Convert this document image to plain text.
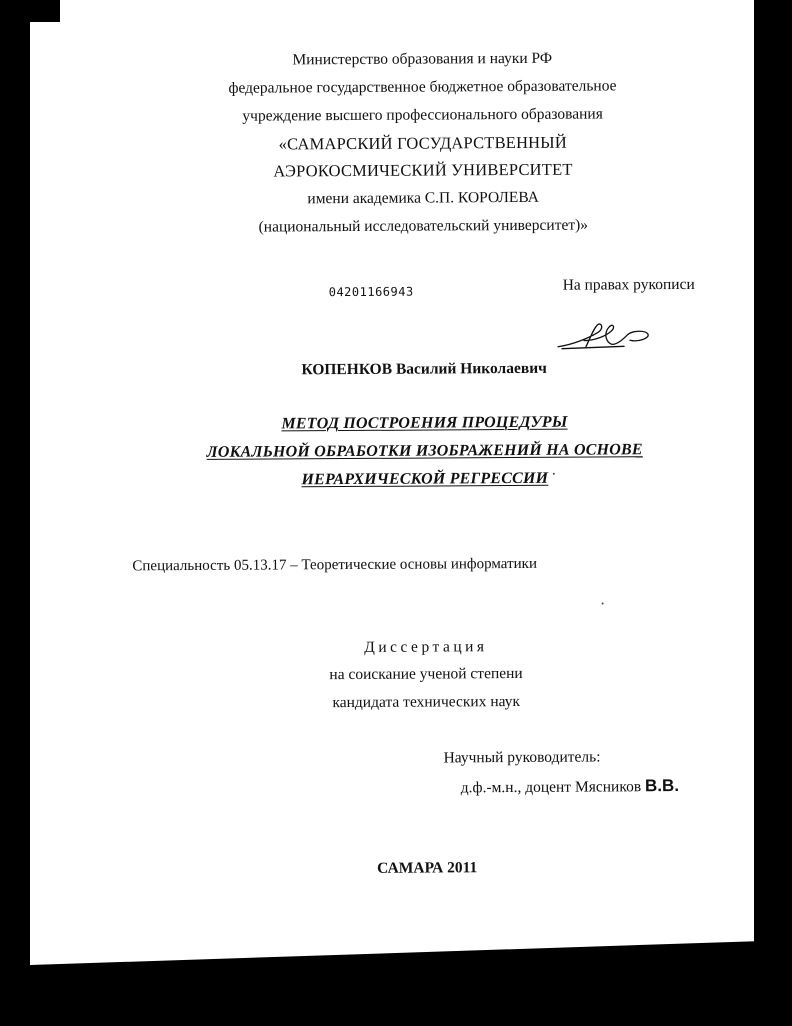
Министерство образования и науки РФ
федеральное государственное бюджетное образовательное
учреждение высшего профессионального образования
«САМАРСКИЙ ГОСУДАРСТВЕННЫЙ
АЭРОКОСМИЧЕСКИЙ УНИВЕРСИТЕТ
имени академика С.П. КОРОЛЕВА
(национальный исследовательский университет)»
04201166943	На правах рукописи
КОПЕНКОВ Василий Николаевич
МЕТОД ПОСТРОЕНИЯ ПРОЦЕДУРЫ
ЛОКАЛЬНОЙ ОБРАБОТКИ ИЗОБРАЖЕНИЙ НА ОСНОВЕ
ИЕРАРХИЧЕСКОЙ РЕГРЕССИИ
Специальность 05.13.17 – Теоретические основы информатики
Диссертация
на соискание ученой степени
кандидата технических наук
Научный руководитель:
д.ф.-м.н., доцент Мясников В.В.
САМАРА 2011
